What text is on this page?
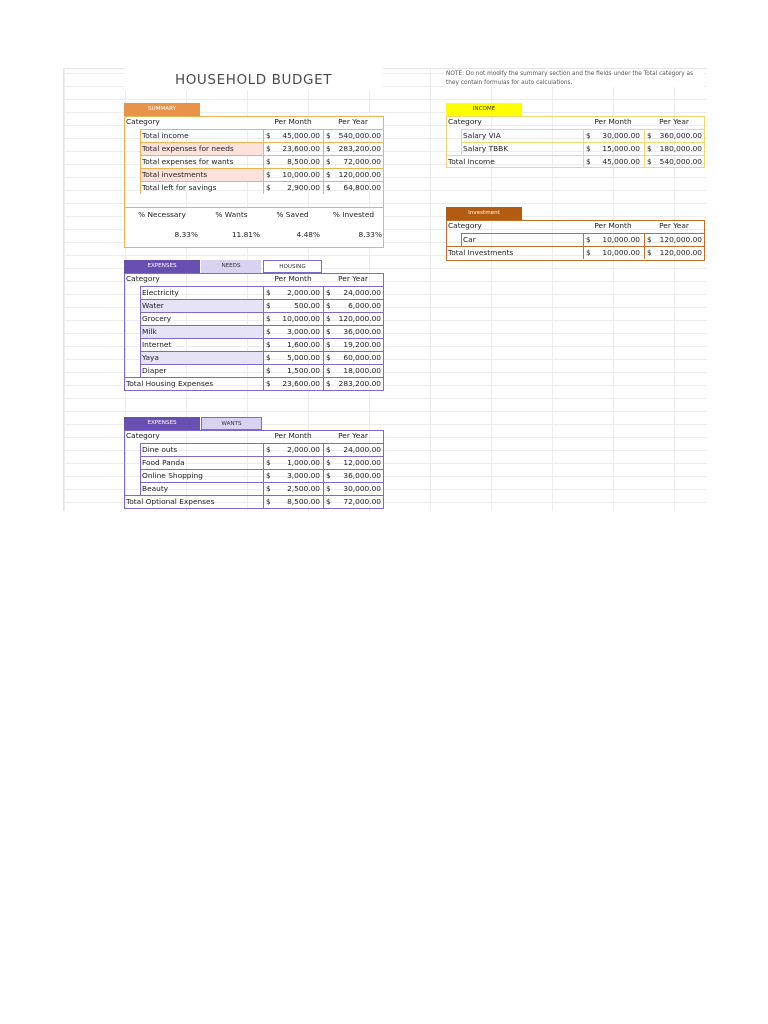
HOUSEHOLD BUDGET	NOTE: Do not modify the summary section and the fields under the Total category as they contain formulas for auto calculations.
SUMMARY
Category	Per Month	Per Year
Total income	$	45,000.00 $	540,000.00
Total expenses for needs	$	23,600.00 $	283,200.00
Total expenses for wants	$	8,500.00 $	72,000.00
Total investments	$	10,000.00 $	120,000.00
Total left for savings	$	2,900.00 $	64,800.00
% Necessary
8.33%
% Wants
11.81%
% Saved
4.48%
% Invested
8.33%
INCOME
Category	Per Month	Per Year
Salary VIA	$	30,000.00 $	360,000.00
Salary TBBK	$	15,000.00 $	180,000.00
Total Income	$	45,000.00 $	540,000.00
Investment
Category	Per Month	Per Year
Car	$	10,000.00 $	120,000.00
Total Investments	$	10,000.00 $	120,000.00
EXPENSES	NEEDS	HOUSING
Category	Per Month	Per Year
Electricity	$	2,000.00 $	24,000.00
Water	$	500.00 $	6,000.00
Grocery	$	10,000.00 $	120,000.00
Milk	$	3,000.00 $	36,000.00
Internet	$	1,600.00 $	19,200.00
Yaya	$	5,000.00 $	60,000.00
Diaper	$	1,500.00 $	18,000.00
Total Housing Expenses	$	23,600.00 $	283,200.00
EXPENSES	WANTS
Category	Per Month	Per Year
Dine outs	$	2,000.00 $	24,000.00
Food Panda	$	1,000.00 $	12,000.00
Online Shopping	$	3,000.00 $	36,000.00
Beauty	$	2,500.00 $	30,000.00
Total Optional Expenses	$	8,500.00 $	72,000.00
